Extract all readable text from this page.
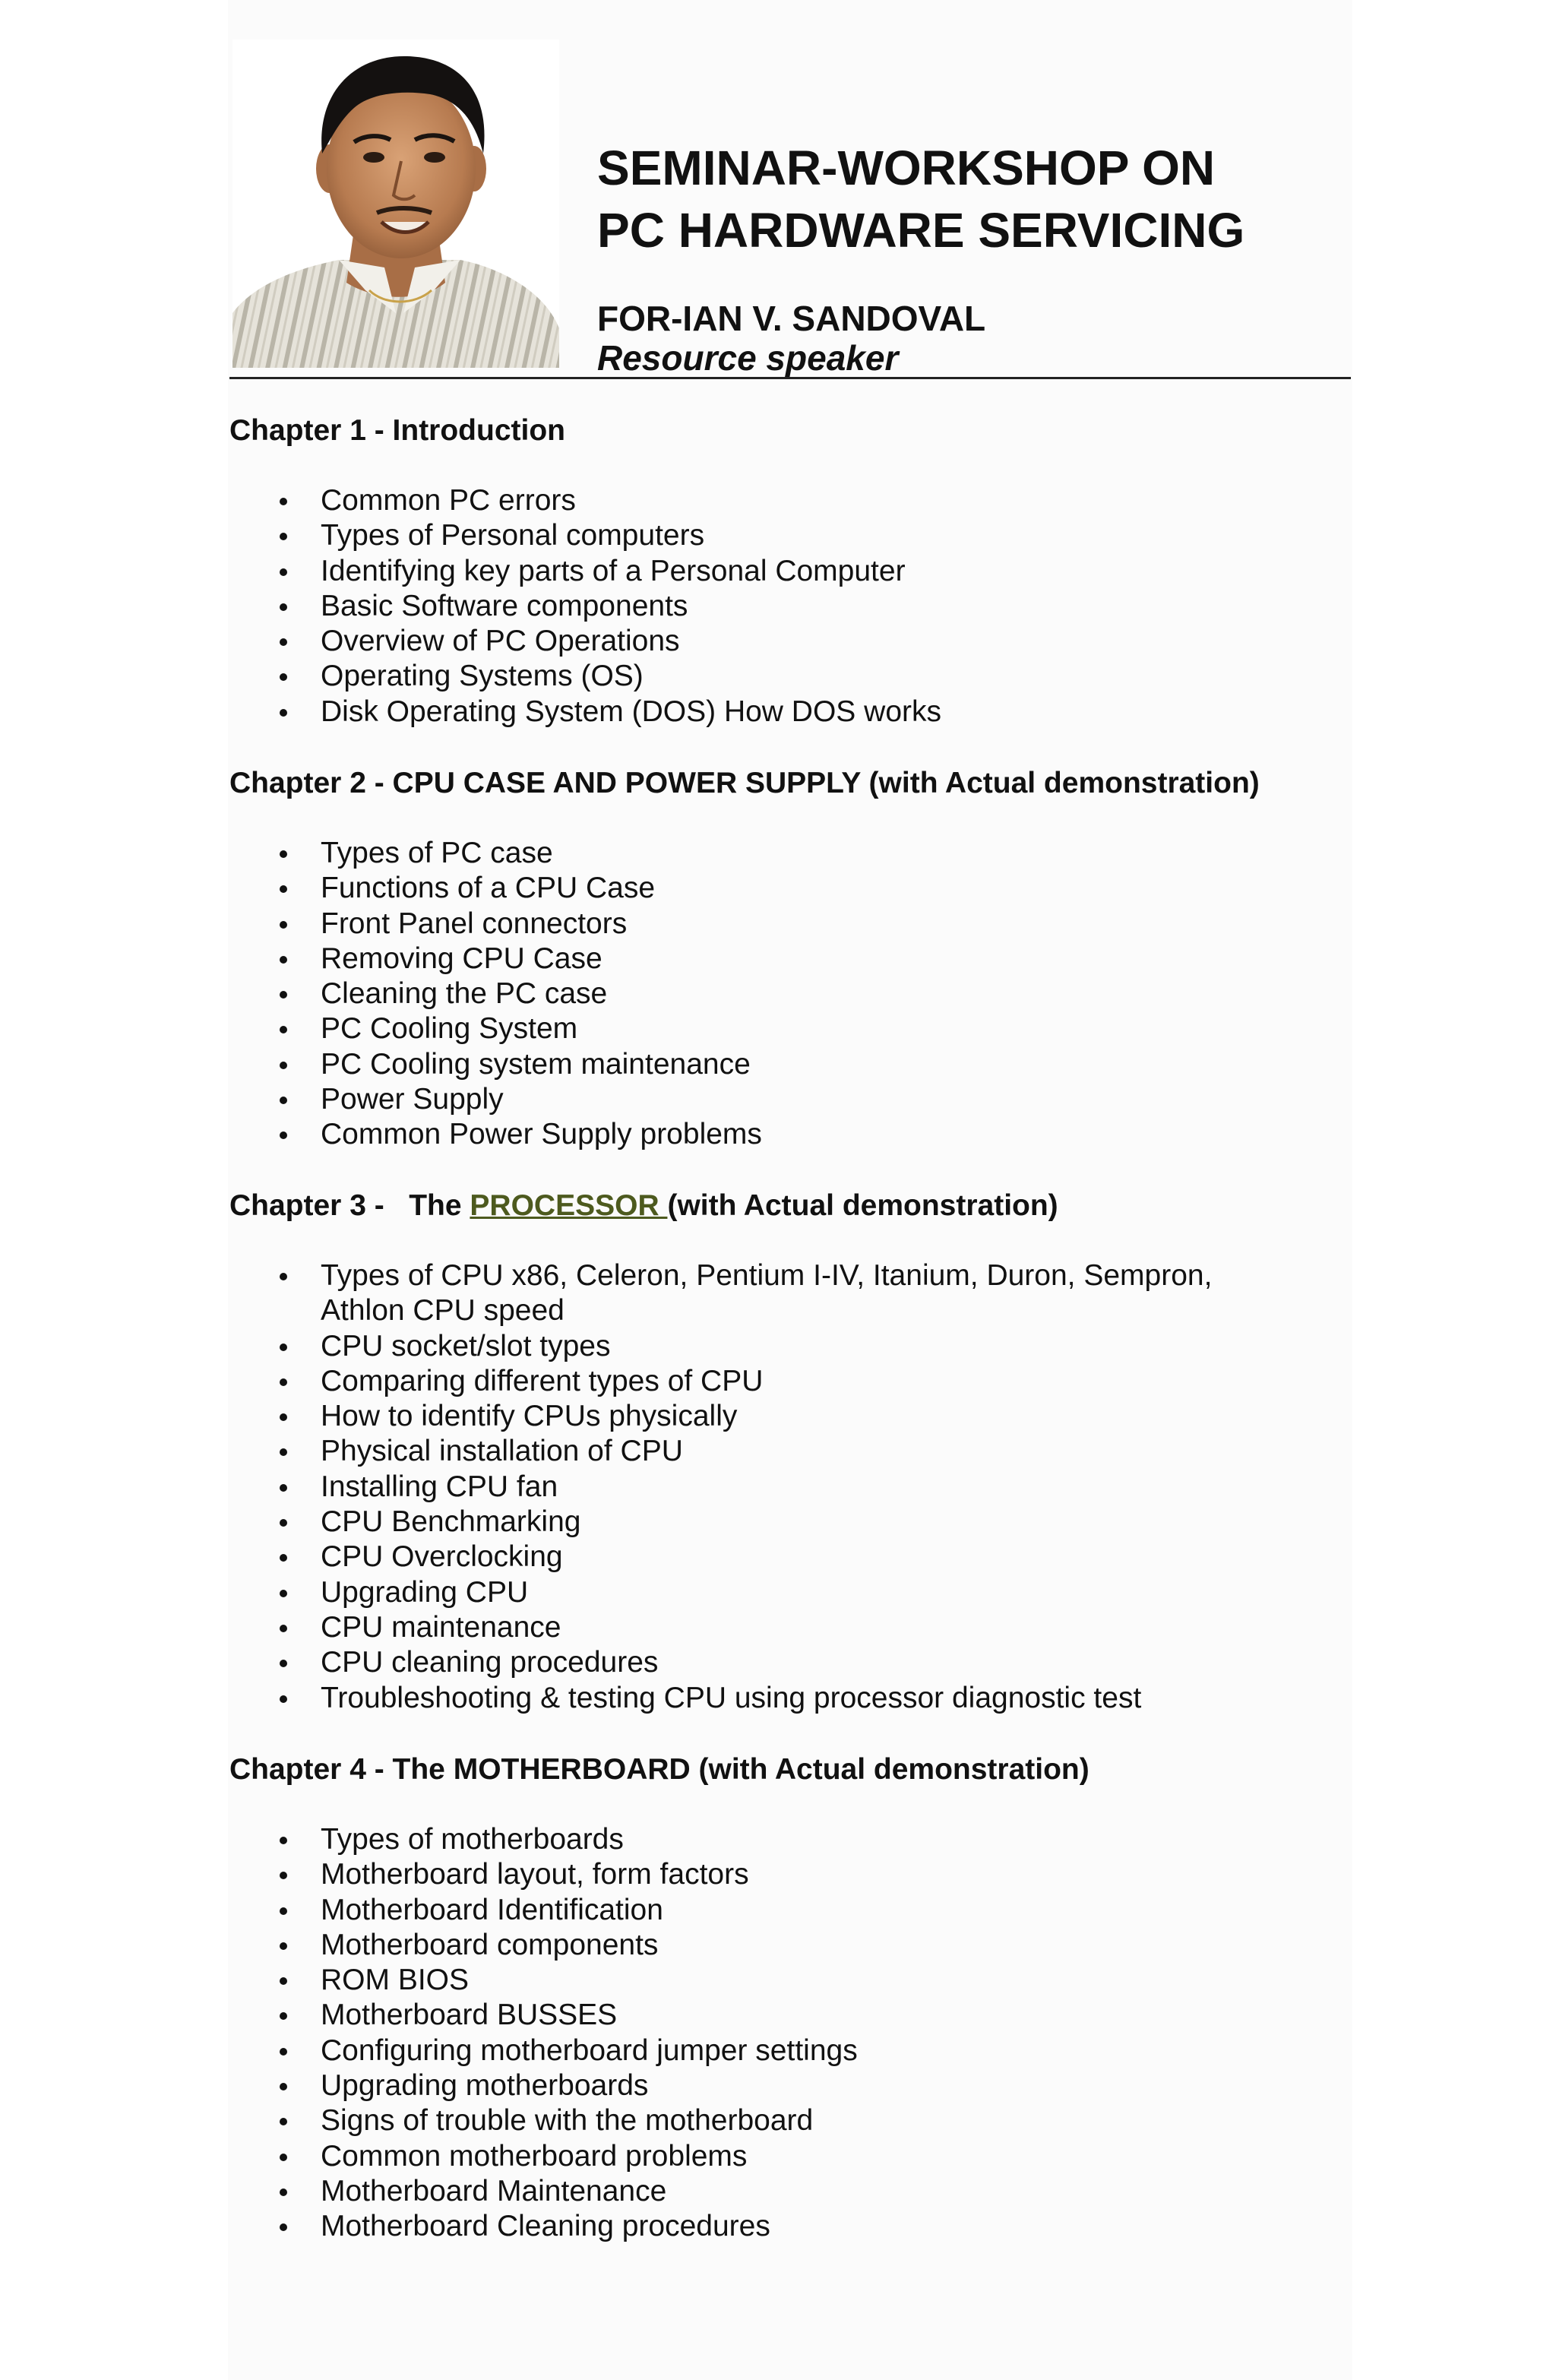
SEMINAR-WORKSHOP ON
PC HARDWARE SERVICING
FOR-IAN V. SANDOVAL
Resource speaker
Chapter 1 - Introduction
Common PC errors
Types of Personal computers
Identifying key parts of a Personal Computer
Basic Software components
Overview of PC Operations
Operating Systems (OS)
Disk Operating System (DOS) How DOS works
Chapter 2 - CPU CASE AND POWER SUPPLY (with Actual demonstration)
Types of PC case
Functions of a CPU Case
Front Panel connectors
Removing CPU Case
Cleaning the PC case
PC Cooling System
PC Cooling system maintenance
Power Supply
Common Power Supply problems
Chapter 3 -   The PROCESSOR (with Actual demonstration)
Types of CPU x86, Celeron, Pentium I-IV, Itanium, Duron, Sempron, Athlon CPU speed
CPU socket/slot types
Comparing different types of CPU
How to identify CPUs physically
Physical installation of CPU
Installing CPU fan
CPU Benchmarking
CPU Overclocking
Upgrading CPU
CPU maintenance
CPU cleaning procedures
Troubleshooting & testing CPU using processor diagnostic test
Chapter 4 - The MOTHERBOARD (with Actual demonstration)
Types of motherboards
Motherboard layout, form factors
Motherboard Identification
Motherboard components
ROM BIOS
Motherboard BUSSES
Configuring motherboard jumper settings
Upgrading motherboards
Signs of trouble with the motherboard
Common motherboard problems
Motherboard Maintenance
Motherboard Cleaning procedures
